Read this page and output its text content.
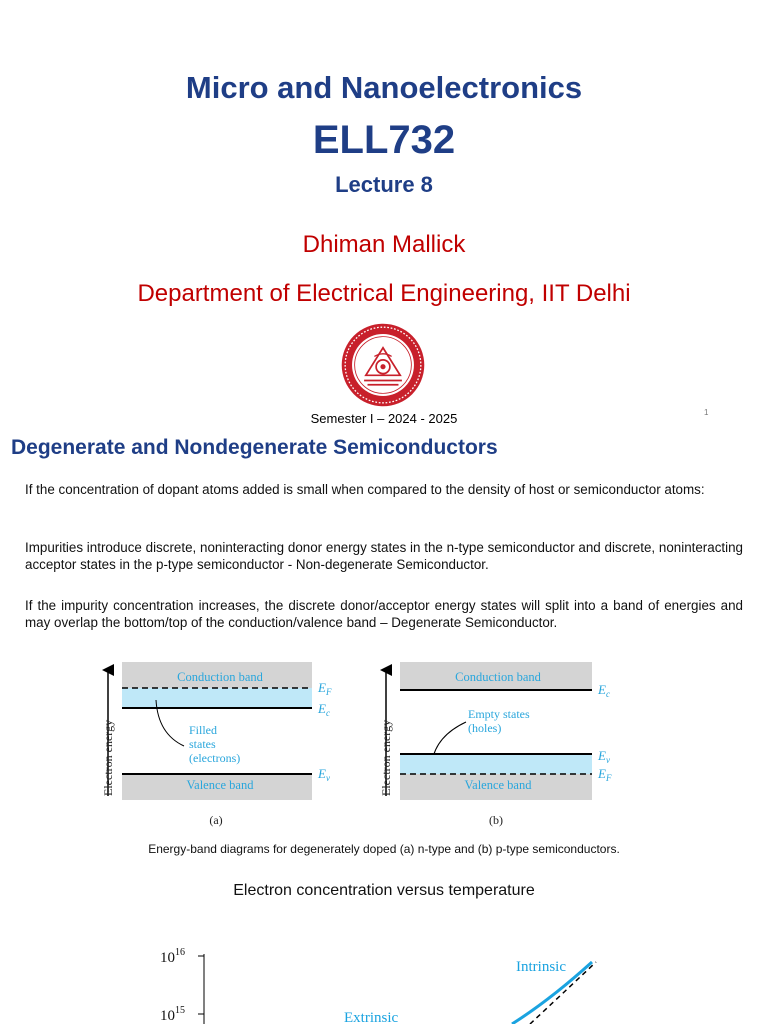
Micro and Nanoelectronics
ELL732
Lecture 8
Dhiman Mallick
Department of Electrical Engineering, IIT Delhi
Semester I – 2024 - 2025	1
Degenerate and Nondegenerate Semiconductors
If the concentration of dopant atoms added is small when compared to the density of host or semiconductor atoms:
Impurities introduce discrete, noninteracting donor energy states in the n-type semiconductor and discrete, noninteracting acceptor states in the p-type semiconductor - Non-degenerate Semiconductor.
If the impurity concentration increases, the discrete donor/acceptor energy states will split into a band of energies and may overlap the bottom/top of the conduction/valence band – Degenerate Semiconductor.
Electron energy
Conduction band
$E_F$
$E_c$
Filled
states
(electrons)
Valence band
$E_v$
(a)
Electron energy
Conduction band
$E_c$
Empty states
(holes)
$E_v$
Valence band
$E_F$
(b)
Energy-band diagrams for degenerately doped (a) n-type and (b) p-type semiconductors.
Electron concentration versus temperature
$10^{16}$
$10^{15}$
Intrinsic
Extrinsic
